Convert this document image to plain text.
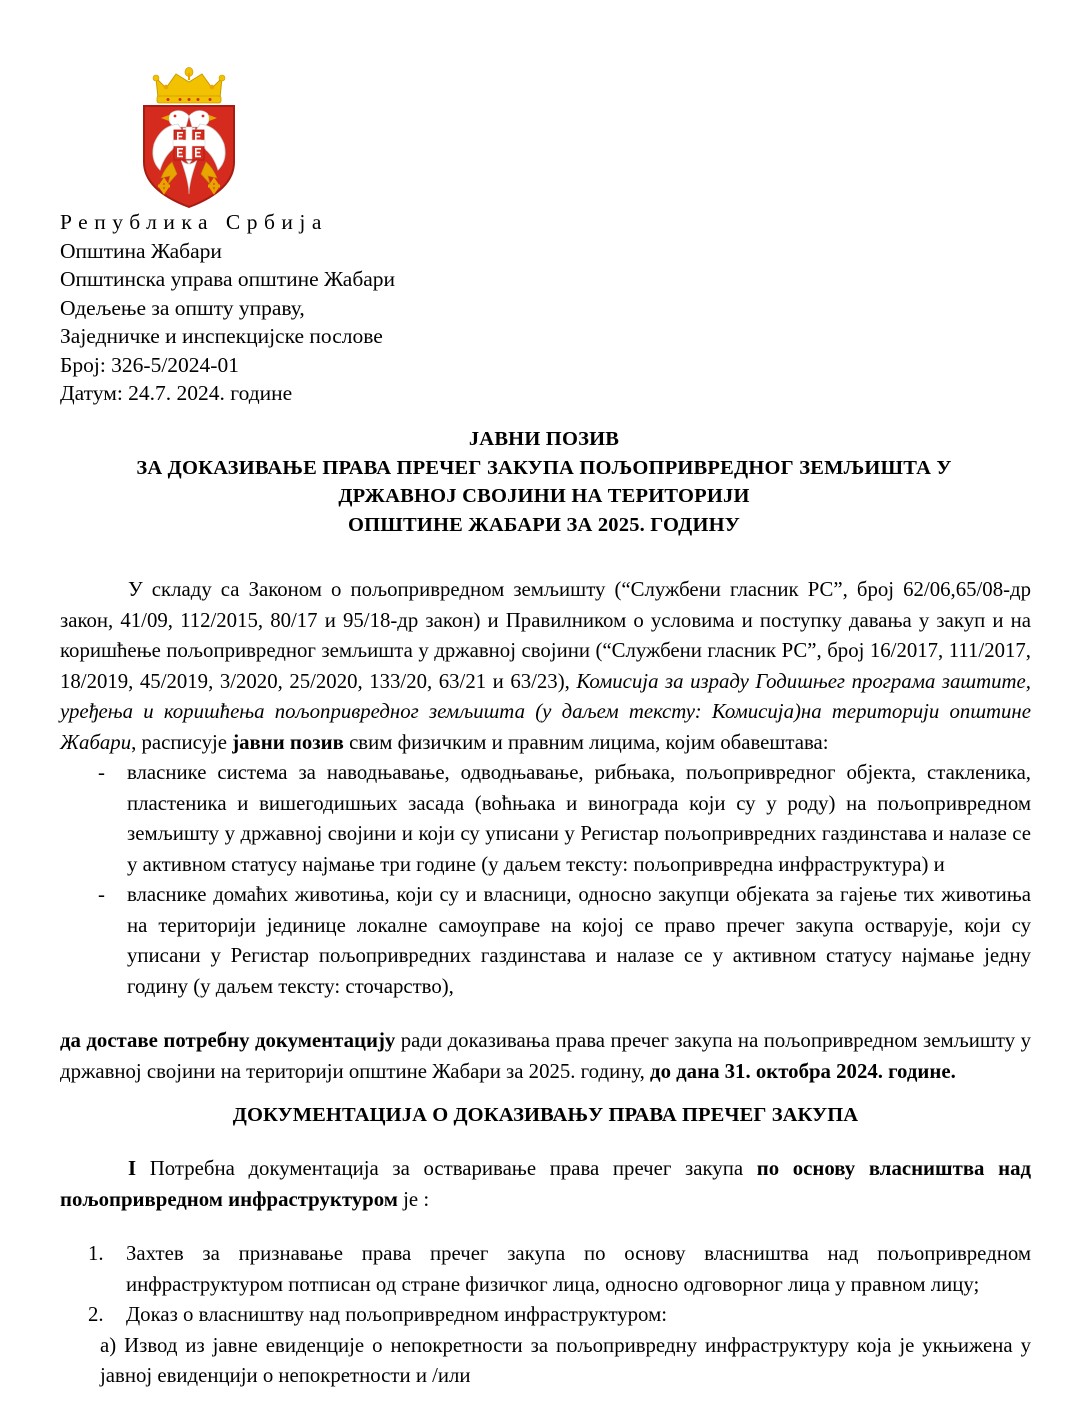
Република Србија
Општина Жабари
Општинска управа општине Жабари
Одељење за општу управу,
Заједничке и инспекцијске послове
Број: 326-5/2024-01
Датум: 24.7. 2024. године
ЈАВНИ ПОЗИВ
ЗА ДОКАЗИВАЊЕ ПРАВА ПРЕЧЕГ ЗАКУПА ПОЉОПРИВРЕДНОГ ЗЕМЉИШТА У
ДРЖАВНОЈ СВОЈИНИ НА ТЕРИТОРИЈИ
ОПШТИНЕ ЖАБАРИ ЗА 2025. ГОДИНУ

У складу са Законом о пољопривредном земљишту (“Службени гласник РС”, број 62/06,65/08-др закон, 41/09, 112/2015, 80/17 и 95/18-др закон) и Правилником о условима и поступку давања у закуп и на коришћење пољопривредног земљишта у државној својини (“Службени гласник РС”, број 16/2017, 111/2017, 18/2019, 45/2019, 3/2020, 25/2020, 133/20, 63/21 и 63/23), Комисија за израду Годишњег програма заштите, уређења и коришћења пољопривредног земљишта (у даљем тексту: Комисија)на територији општине Жабари, расписује јавни позив свим физичким и правним лицима, којим обавештава:

- власнике система за наводњавање, одводњавање, рибњака, пољопривредног објекта, стакленика, пластеника и вишегодишњих засада (воћњака и винограда који су у роду) на пољопривредном земљишту у државној својини и који су уписани у Регистар пољопривредних газдинстава и налазе се у активном статусу најмање три године (у даљем тексту: пољопривредна инфраструктура) и
- власнике домаћих животиња, који су и власници, односно закупци објеката за гајење тих животиња на територији јединице локалне самоуправе на којој се право пречег закупа остварује, који су уписани у Регистар пољопривредних газдинстава и налазе се у активном статусу најмање једну годину (у даљем тексту: сточарство),

да доставе потребну документацију ради доказивања права пречег закупа на пољопривредном земљишту у државној својини на територији општине Жабари за 2025. годину, до дана 31. октобра 2024. године.

ДОКУМЕНТАЦИЈА О ДОКАЗИВАЊУ ПРАВА ПРЕЧЕГ ЗАКУПА

I Потребна документација за остваривање права пречег закупа по основу власништва над пољопривредном инфраструктуром је :

Захтев за признавање права пречег закупа по основу власништва над пољопривредном инфраструктуром потписан од стране физичког лица, односно одговорног лица у правном лицу;
Доказ о власништву над пољопривредном инфраструктуром:

a) Извод из јавне евиденције о непокретности за пољопривредну инфраструктуру која је укњижена у јавној евиденцији о непокретности и /или
